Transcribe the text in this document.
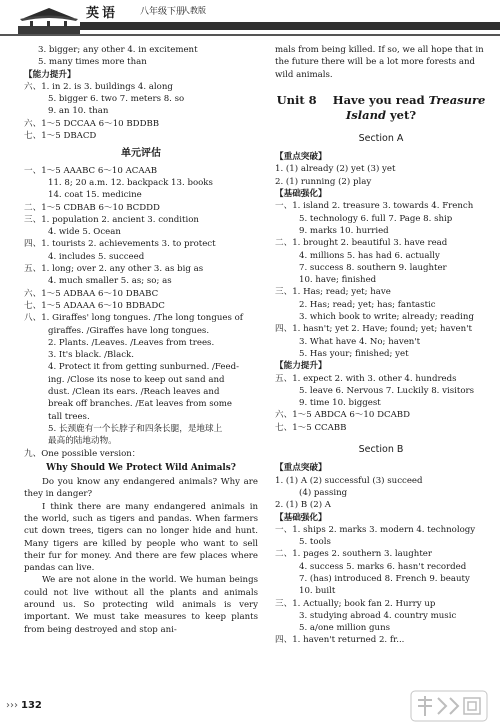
英语 八年级下册
人教版
3. bigger; any other 4. in excitement
5. many times more than
【能力提升】
六、1. in 2. is 3. buildings 4. along
5. bigger 6. two 7. meters 8. so
9. an 10. than
六、1～5 DCCAA 6～10 BDDBB
七、1～5 DBACD
单元评估
一、1～5 AAABC 6～10 ACAAB
11. 8; 20 a.m. 12. backpack 13. books
14. coat 15. medicine
二、1～5 CDBAB 6～10 BCDDD
三、1. population 2. ancient 3. condition
4. wide 5. Ocean
四、1. tourists 2. achievements 3. to protect
4. includes 5. succeed
五、1. long; over 2. any other 3. as big as
4. much smaller 5. as; so; as
六、1～5 ADBAA 6～10 DBABC
七、1～5 ADAAA 6～10 BDBADC
八、1. Giraffes' long tongues. /The long tongues of
giraffes. /Giraffes have long tongues.
2. Plants. /Leaves. /Leaves from trees.
3. It's black. /Black.
4. Protect it from getting sunburned. /Feed-
ing. /Close its nose to keep out sand and
dust. /Clean its ears. /Reach leaves and
break off branches. /Eat leaves from some
tall trees.
5. 长颈鹿有一个长脖子和四条长腿，是地球上
最高的陆地动物。
九、One possible version：
Why Should We Protect Wild Animals?
Do you know any endangered animals? Why are they in danger?
I think there are many endangered animals in the world, such as tigers and pandas. When farmers cut down trees, tigers can no longer hide and hunt. Many tigers are killed by people who want to sell their fur for money. And there are few places where pandas can live.
We are not alone in the world. We human beings could not live without all the plants and animals around us. So protecting wild animals is very important. We must take measures to keep plants from being destroyed and stop ani-
mals from being killed. If so, we all hope that in the future there will be a lot more forests and wild animals.
Unit 8    Have you read Treasure Island yet?
Section A
【重点突破】
1. (1) already (2) yet (3) yet
2. (1) running (2) play
【基础强化】
一、1. island 2. treasure 3. towards 4. French
5. technology 6. full 7. Page 8. ship
9. marks 10. hurried
二、1. brought 2. beautiful 3. have read
4. millions 5. has had 6. actually
7. success 8. southern 9. laughter
10. have; finished
三、1. Has; read; yet; have
2. Has; read; yet; has; fantastic
3. which book to write; already; reading
四、1. hasn't; yet 2. Have; found; yet; haven't
3. What have 4. No; haven't
5. Has your; finished; yet
【能力提升】
五、1. expect 2. with 3. other 4. hundreds
5. leave 6. Nervous 7. Luckily 8. visitors
9. time 10. biggest
六、1～5 ABDCA 6～10 DCABD
七、1～5 CCABB
Section B
【重点突破】
1. (1) A (2) successful (3) succeed
(4) passing
2. (1) B (2) A
【基础强化】
一、1. ships 2. marks 3. modern 4. technology
5. tools
二、1. pages 2. southern 3. laughter
4. success 5. marks 6. hasn't recorded
7. (has) introduced 8. French 9. beauty
10. built
三、1. Actually; book fan 2. Hurry up
3. studying abroad 4. country music
5. a/one million guns
四、1. haven't returned 2. fr...
››› 132
